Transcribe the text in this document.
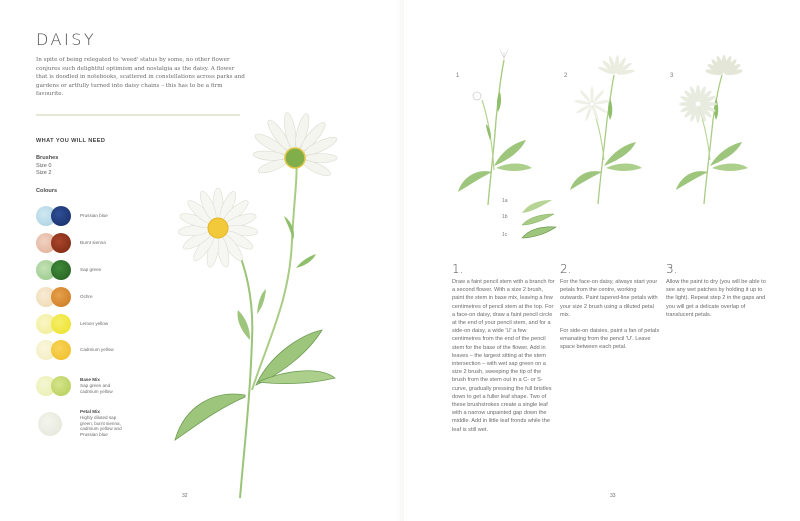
DAISY
In spite of being relegated to 'weed' status by some, no other flower conjures such delightful optimism and nostalgia as the daisy. A flower that is doodled in notebooks, scattered in constellations across parks and gardens or artfully turned into daisy chains – this has to be a firm favourite.
WHAT YOU WILL NEED
Brushes
Size 0
Size 2
Colours
Prussian blue
Burnt sienna
Sap green
Ochre
Lemon yellow
Cadmium yellow
Base Mix
Sap green and cadmium yellow
Petal Mix
Highly diluted sap green, burnt sienna, cadmium yellow and Prussian blue
32
1	2	3
1a
1b
1c
1.
Draw a faint pencil stem with a branch for a second flower. With a size 2 brush, paint the stem in base mix, leaving a few centimetres of pencil stem at the top. For a face-on daisy, draw a faint pencil circle at the end of your pencil stem, and for a side-on daisy, a wide 'U' a few centimetres from the end of the pencil stem for the base of the flower. Add in leaves – the largest sitting at the stem intersection – with wet sap green on a size 2 brush, sweeping the tip of the brush from the stem out in a C- or S-curve, gradually pressing the full bristles down to get a fuller leaf shape. Two of these brushstrokes create a single leaf with a narrow unpainted gap down the middle. Add in little leaf fronds while the leaf is still wet.
2.
For the face-on daisy, always start your petals from the centre, working outwards. Paint tapered-line petals with your size 2 brush using a diluted petal mix.
For side-on daisies, paint a fan of petals emanating from the pencil 'U'. Leave space between each petal.
3.
Allow the paint to dry (you will be able to see any wet patches by holding it up to the light). Repeat step 2 in the gaps and you will get a delicate overlap of translucent petals.
33
